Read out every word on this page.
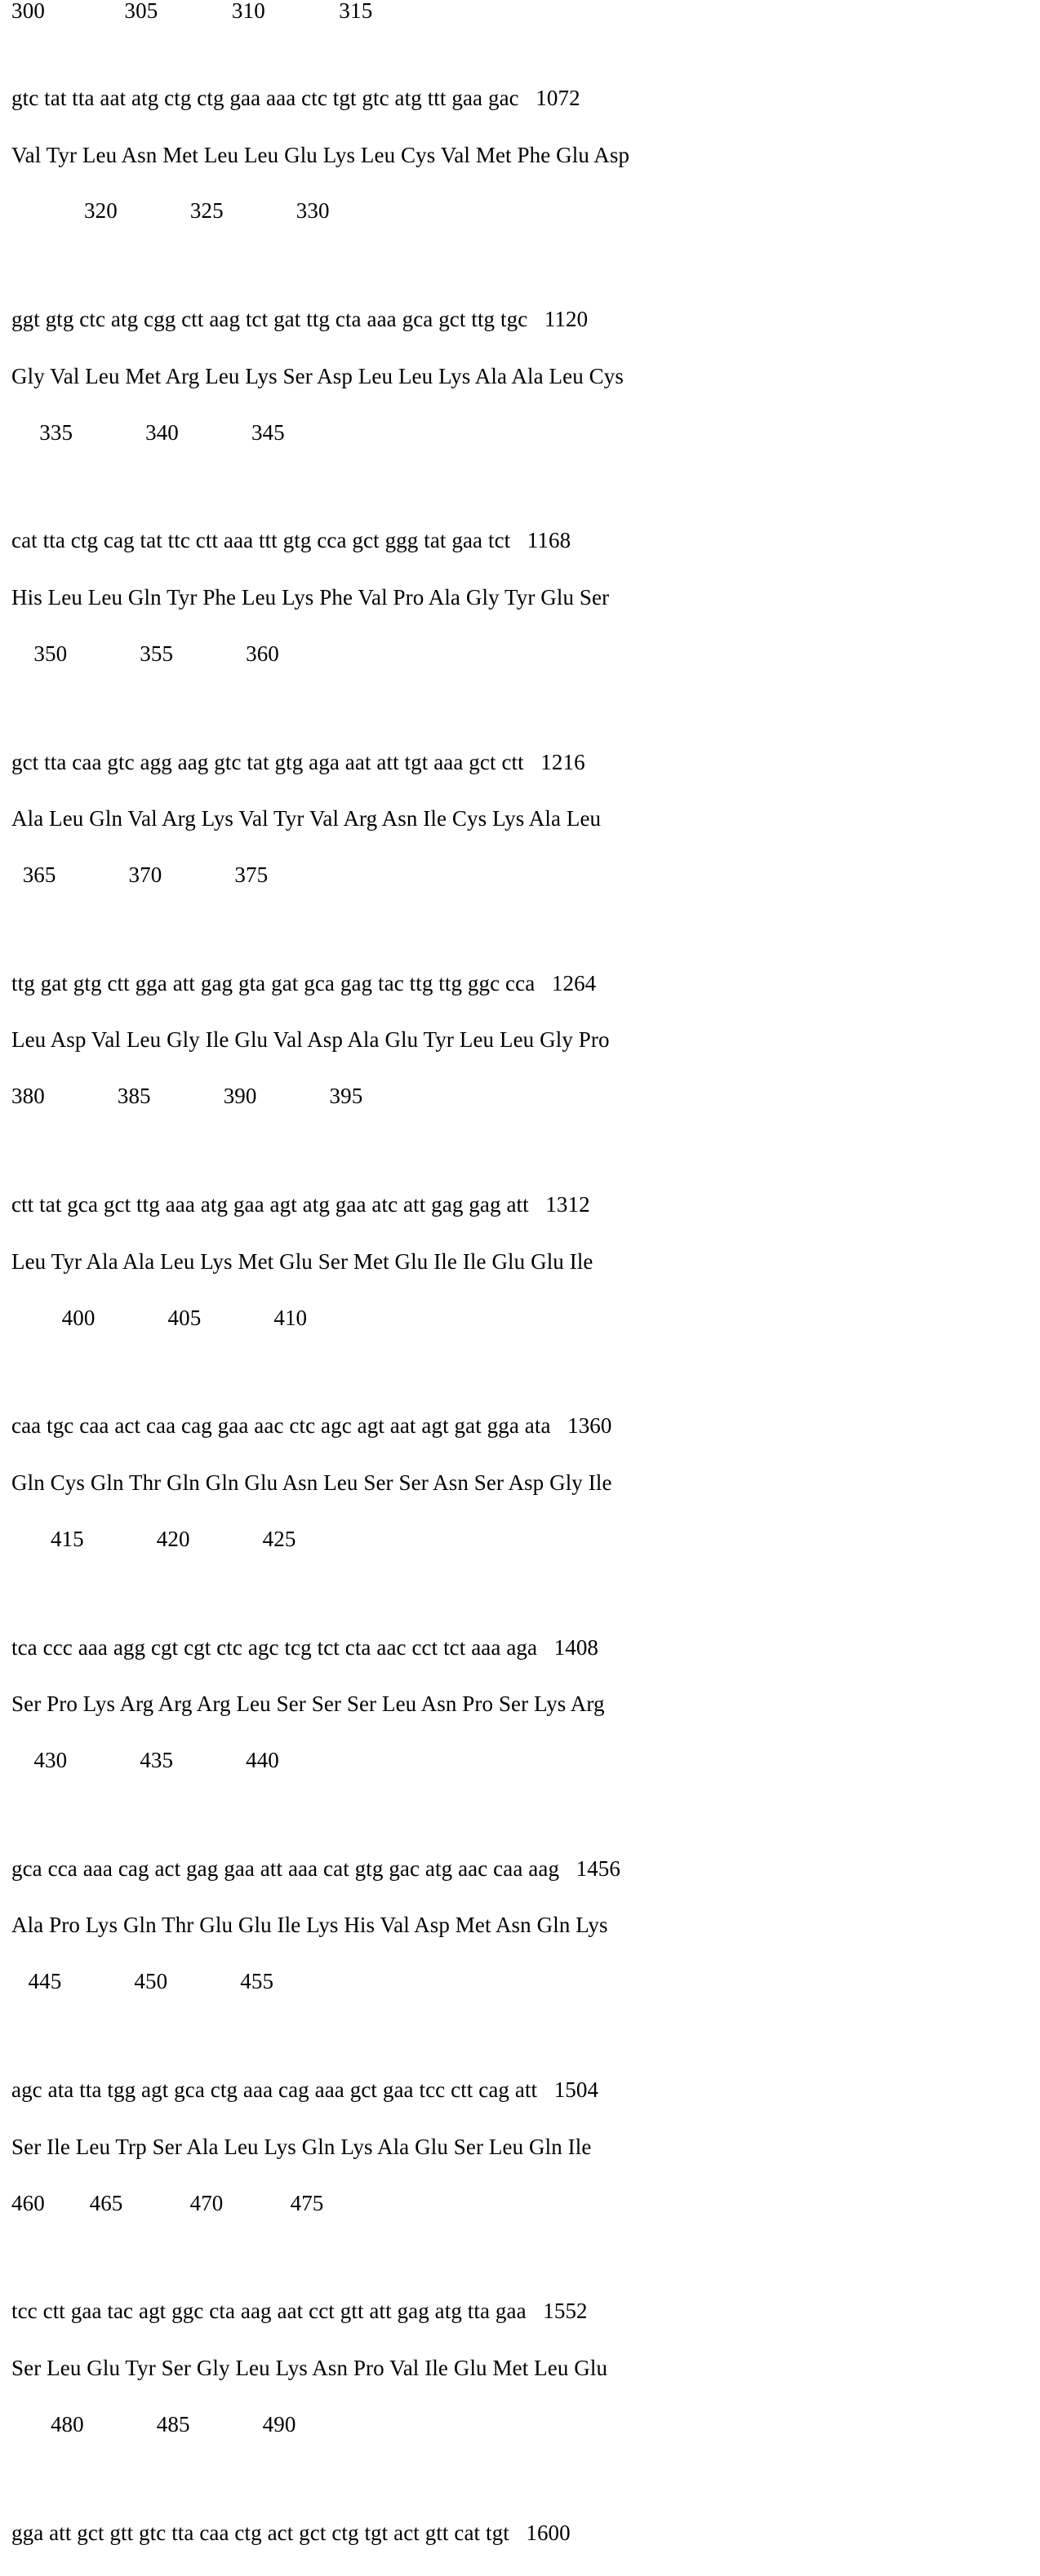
300              305             310             315

gtc tat tta aat atg ctg ctg gaa aaa ctc tgt gtc atg ttt gaa gac   1072

Val Tyr Leu Asn Met Leu Leu Glu Lys Leu Cys Val Met Phe Glu Asp

320             325             330

ggt gtg ctc atg cgg ctt aag tct gat ttg cta aaa gca gct ttg tgc   1120

Gly Val Leu Met Arg Leu Lys Ser Asp Leu Leu Lys Ala Ala Leu Cys

335             340             345

cat tta ctg cag tat ttc ctt aaa ttt gtg cca gct ggg tat gaa tct   1168

His Leu Leu Gln Tyr Phe Leu Lys Phe Val Pro Ala Gly Tyr Glu Ser

350             355             360

gct tta caa gtc agg aag gtc tat gtg aga aat att tgt aaa gct ctt   1216

Ala Leu Gln Val Arg Lys Val Tyr Val Arg Asn Ile Cys Lys Ala Leu

365             370             375

ttg gat gtg ctt gga att gag gta gat gca gag tac ttg ttg ggc cca   1264

Leu Asp Val Leu Gly Ile Glu Val Asp Ala Glu Tyr Leu Leu Gly Pro

380             385             390             395

ctt tat gca gct ttg aaa atg gaa agt atg gaa atc att gag gag att   1312

Leu Tyr Ala Ala Leu Lys Met Glu Ser Met Glu Ile Ile Glu Glu Ile

400             405             410

caa tgc caa act caa cag gaa aac ctc agc agt aat agt gat gga ata   1360

Gln Cys Gln Thr Gln Gln Glu Asn Leu Ser Ser Asn Ser Asp Gly Ile

415             420             425

tca ccc aaa agg cgt cgt ctc agc tcg tct cta aac cct tct aaa aga   1408

Ser Pro Lys Arg Arg Arg Leu Ser Ser Ser Leu Asn Pro Ser Lys Arg

430             435             440

gca cca aaa cag act gag gaa att aaa cat gtg gac atg aac caa aag   1456

Ala Pro Lys Gln Thr Glu Glu Ile Lys His Val Asp Met Asn Gln Lys

445             450             455

agc ata tta tgg agt gca ctg aaa cag aaa gct gaa tcc ctt cag att   1504

Ser Ile Leu Trp Ser Ala Leu Lys Gln Lys Ala Glu Ser Leu Gln Ile

460        465            470            475

tcc ctt gaa tac agt ggc cta aag aat cct gtt att gag atg tta gaa   1552

Ser Leu Glu Tyr Ser Gly Leu Lys Asn Pro Val Ile Glu Met Leu Glu

480             485             490

gga att gct gtt gtc tta caa ctg act gct ctg tgt act gtt cat tgt   1600
